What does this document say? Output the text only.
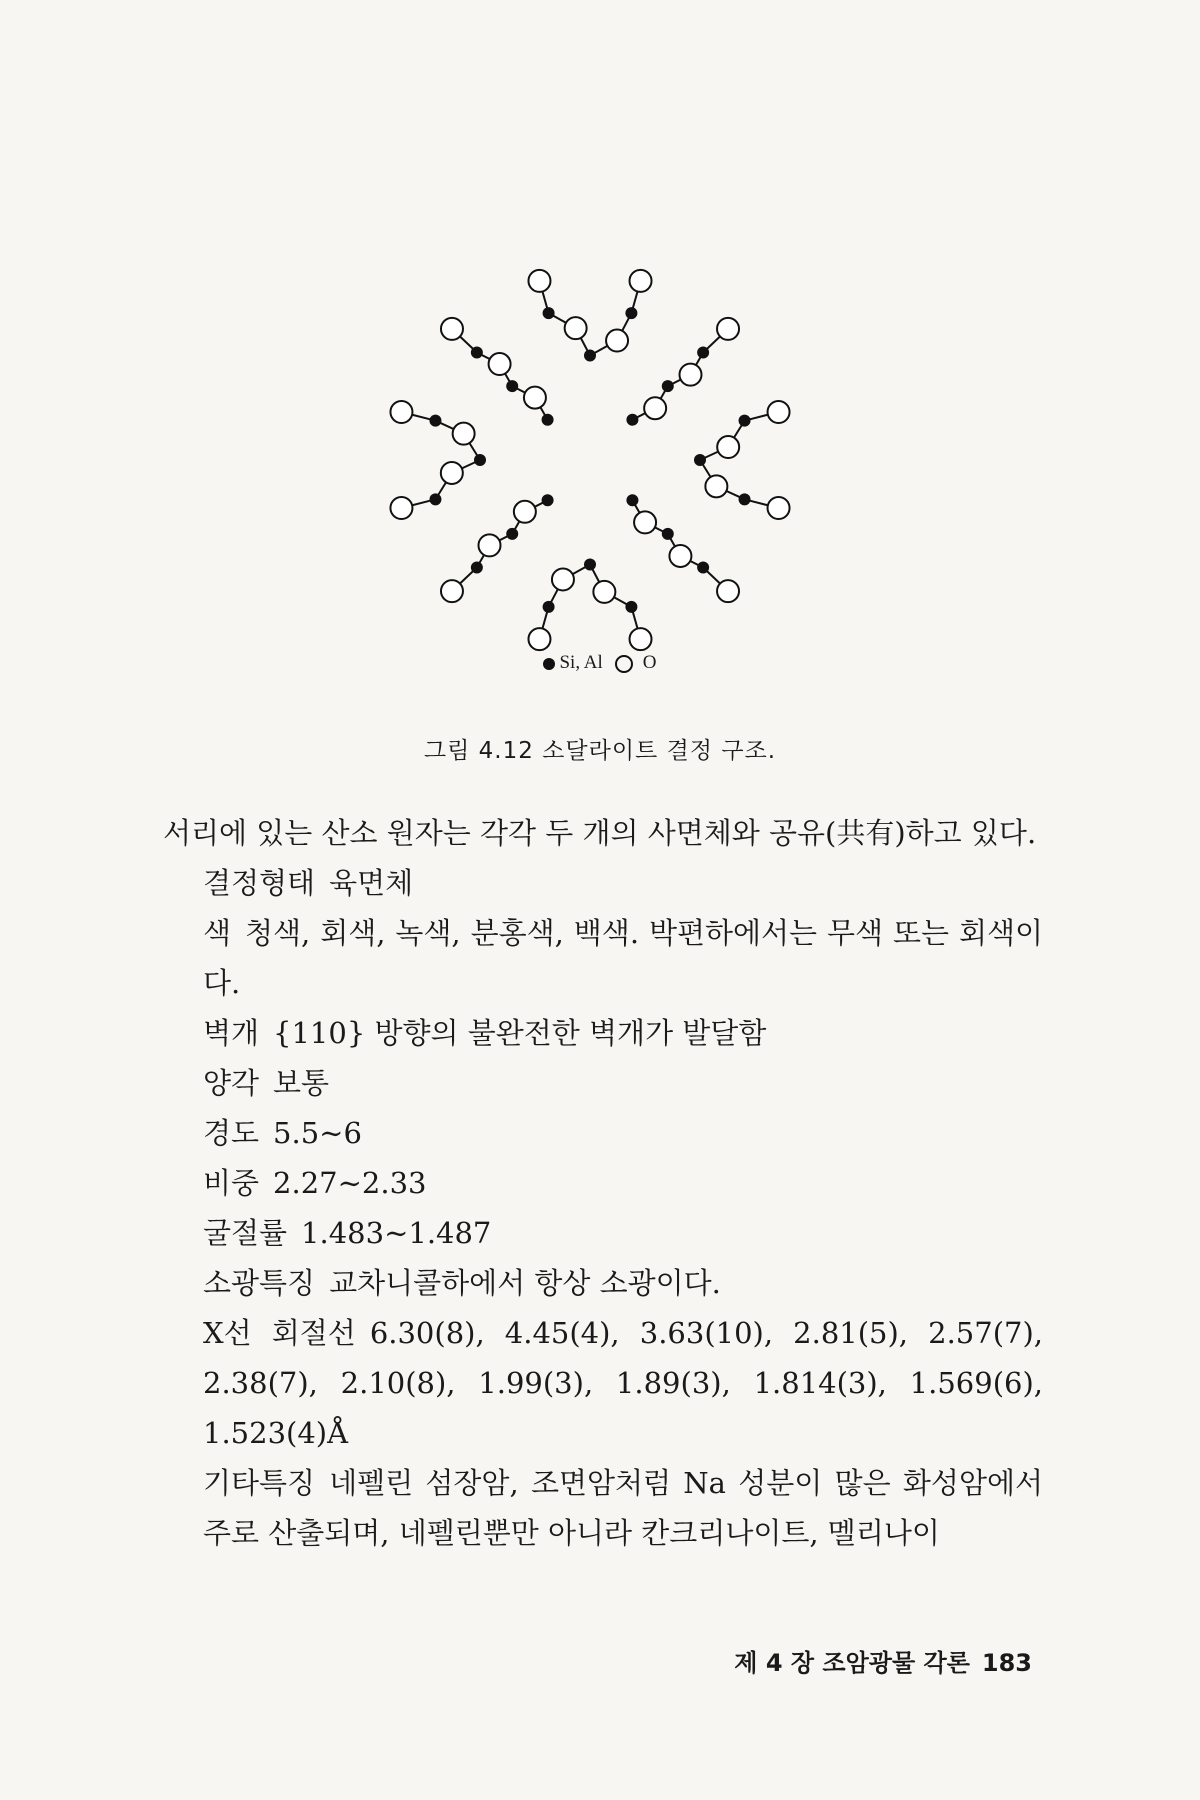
Si, Al O
그림 4.12 소달라이트 결정 구조.

서리에 있는 산소 원자는 각각 두 개의 사면체와 공유(共有)하고 있다.

결정형태 육면체

색 청색, 회색, 녹색, 분홍색, 백색. 박편하에서는 무색 또는 회색이다.

벽개 {110} 방향의 불완전한 벽개가 발달함

양각 보통

경도 5.5∼6

비중 2.27∼2.33

굴절률 1.483∼1.487

소광특징 교차니콜하에서 항상 소광이다.

X선 회절선 6.30(8), 4.45(4), 3.63(10), 2.81(5), 2.57(7), 2.38(7), 2.10(8), 1.99(3), 1.89(3), 1.814(3), 1.569(6), 1.523(4)Å

기타특징 네펠린 섬장암, 조면암처럼 Na 성분이 많은 화성암에서 주로 산출되며, 네펠린뿐만 아니라 칸크리나이트, 멜리나이

제 4 장 조암광물 각론 183
